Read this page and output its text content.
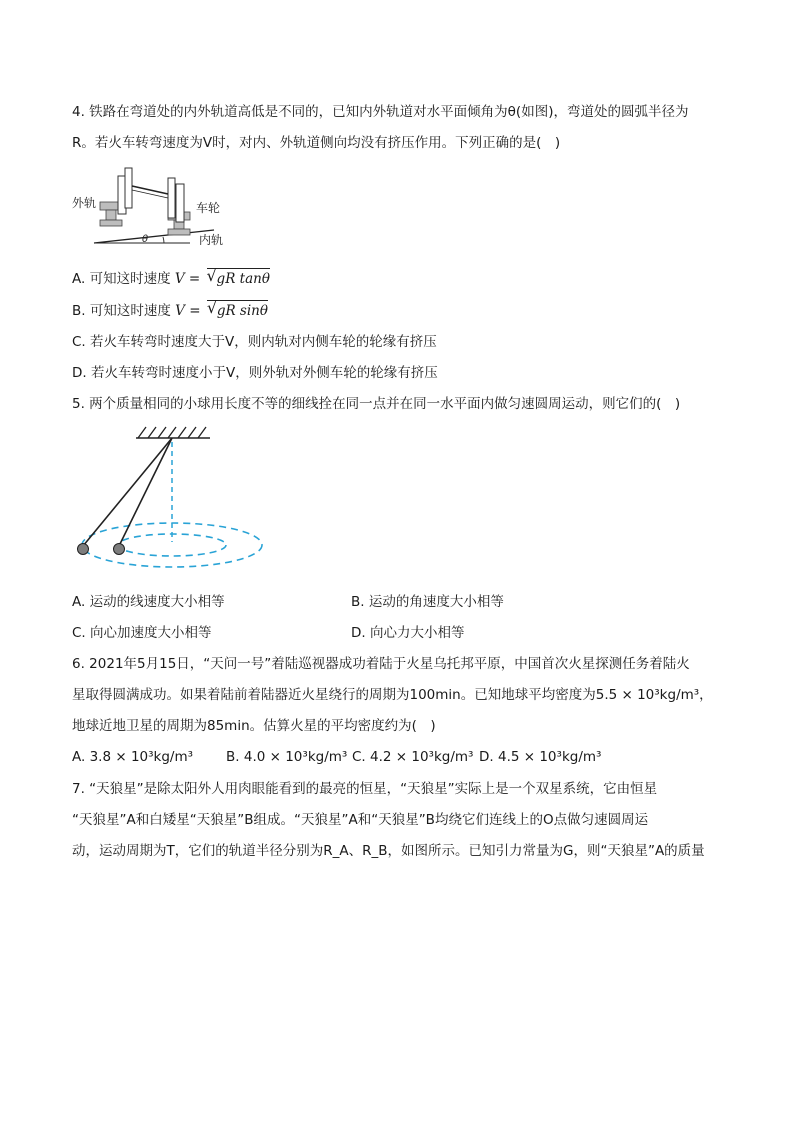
4. 铁路在弯道处的内外轨道高低是不同的，已知内外轨道对水平面倾角为θ(如图)，弯道处的圆弧半径为
R。若火车转弯速度为V时，对内、外轨道侧向均没有挤压作用。下列正确的是(　)
外轨	车轮
内轨
θ
A. 可知这时速度 V = √ gR tanθ
B. 可知这时速度 V = √ gR sinθ
C. 若火车转弯时速度大于V，则内轨对内侧车轮的轮缘有挤压
D. 若火车转弯时速度小于V，则外轨对外侧车轮的轮缘有挤压
5. 两个质量相同的小球用长度不等的细线拴在同一点并在同一水平面内做匀速圆周运动，则它们的(　)
A. 运动的线速度大小相等	B. 运动的角速度大小相等
C. 向心加速度大小相等	D. 向心力大小相等
6. 2021年5月15日，“天问一号”着陆巡视器成功着陆于火星乌托邦平原，中国首次火星探测任务着陆火
星取得圆满成功。如果着陆前着陆器近火星绕行的周期为100min。已知地球平均密度为5.5 × 10³kg/m³，
地球近地卫星的周期为85min。估算火星的平均密度约为(　)
A. 3.8 × 10³kg/m³ B. 4.0 × 10³kg/m³ C. 4.2 × 10³kg/m³ D. 4.5 × 10³kg/m³
7. “天狼星”是除太阳外人用肉眼能看到的最亮的恒星，“天狼星”实际上是一个双星系统，它由恒星
“天狼星”A和白矮星“天狼星”B组成。“天狼星”A和“天狼星”B均绕它们连线上的O点做匀速圆周运
动，运动周期为T，它们的轨道半径分别为R_A、R_B，如图所示。已知引力常量为G，则“天狼星”A的质量
